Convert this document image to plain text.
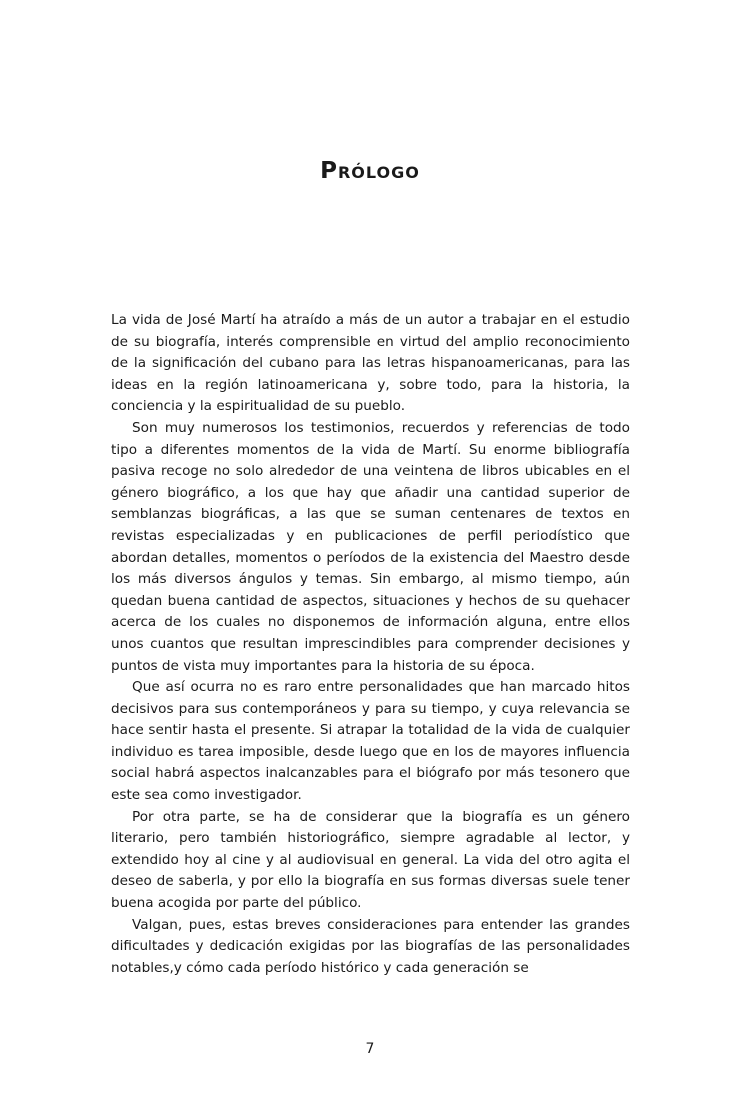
Prólogo

La vida de José Martí ha atraído a más de un autor a trabajar en el estudio de su biografía, interés comprensible en virtud del amplio reconocimiento de la significación del cubano para las letras hispanoamericanas, para las ideas en la región latinoamericana y, sobre todo, para la historia, la conciencia y la espiritualidad de su pueblo.

Son muy numerosos los testimonios, recuerdos y referencias de todo tipo a diferentes momentos de la vida de Martí. Su enorme bibliografía pasiva recoge no solo alrededor de una veintena de libros ubicables en el género biográfico, a los que hay que añadir una cantidad superior de semblanzas biográficas, a las que se suman centenares de textos en revistas especializadas y en publicaciones de perfil periodístico que abordan detalles, momentos o períodos de la existencia del Maestro desde los más diversos ángulos y temas. Sin embargo, al mismo tiempo, aún quedan buena cantidad de aspectos, situaciones y hechos de su quehacer acerca de los cuales no disponemos de información alguna, entre ellos unos cuantos que resultan imprescindibles para comprender decisiones y puntos de vista muy importantes para la historia de su época.

Que así ocurra no es raro entre personalidades que han marcado hitos decisivos para sus contemporáneos y para su tiempo, y cuya relevancia se hace sentir hasta el presente. Si atrapar la totalidad de la vida de cualquier individuo es tarea imposible, desde luego que en los de mayores influencia social habrá aspectos inalcanzables para el biógrafo por más tesonero que este sea como investigador.

Por otra parte, se ha de considerar que la biografía es un género literario, pero también historiográfico, siempre agradable al lector, y extendido hoy al cine y al audiovisual en general. La vida del otro agita el deseo de saberla, y por ello la biografía en sus formas diversas suele tener buena acogida por parte del público.

Valgan, pues, estas breves consideraciones para entender las grandes dificultades y dedicación exigidas por las biografías de las personalidades notables,y cómo cada período histórico y cada generación se

7
